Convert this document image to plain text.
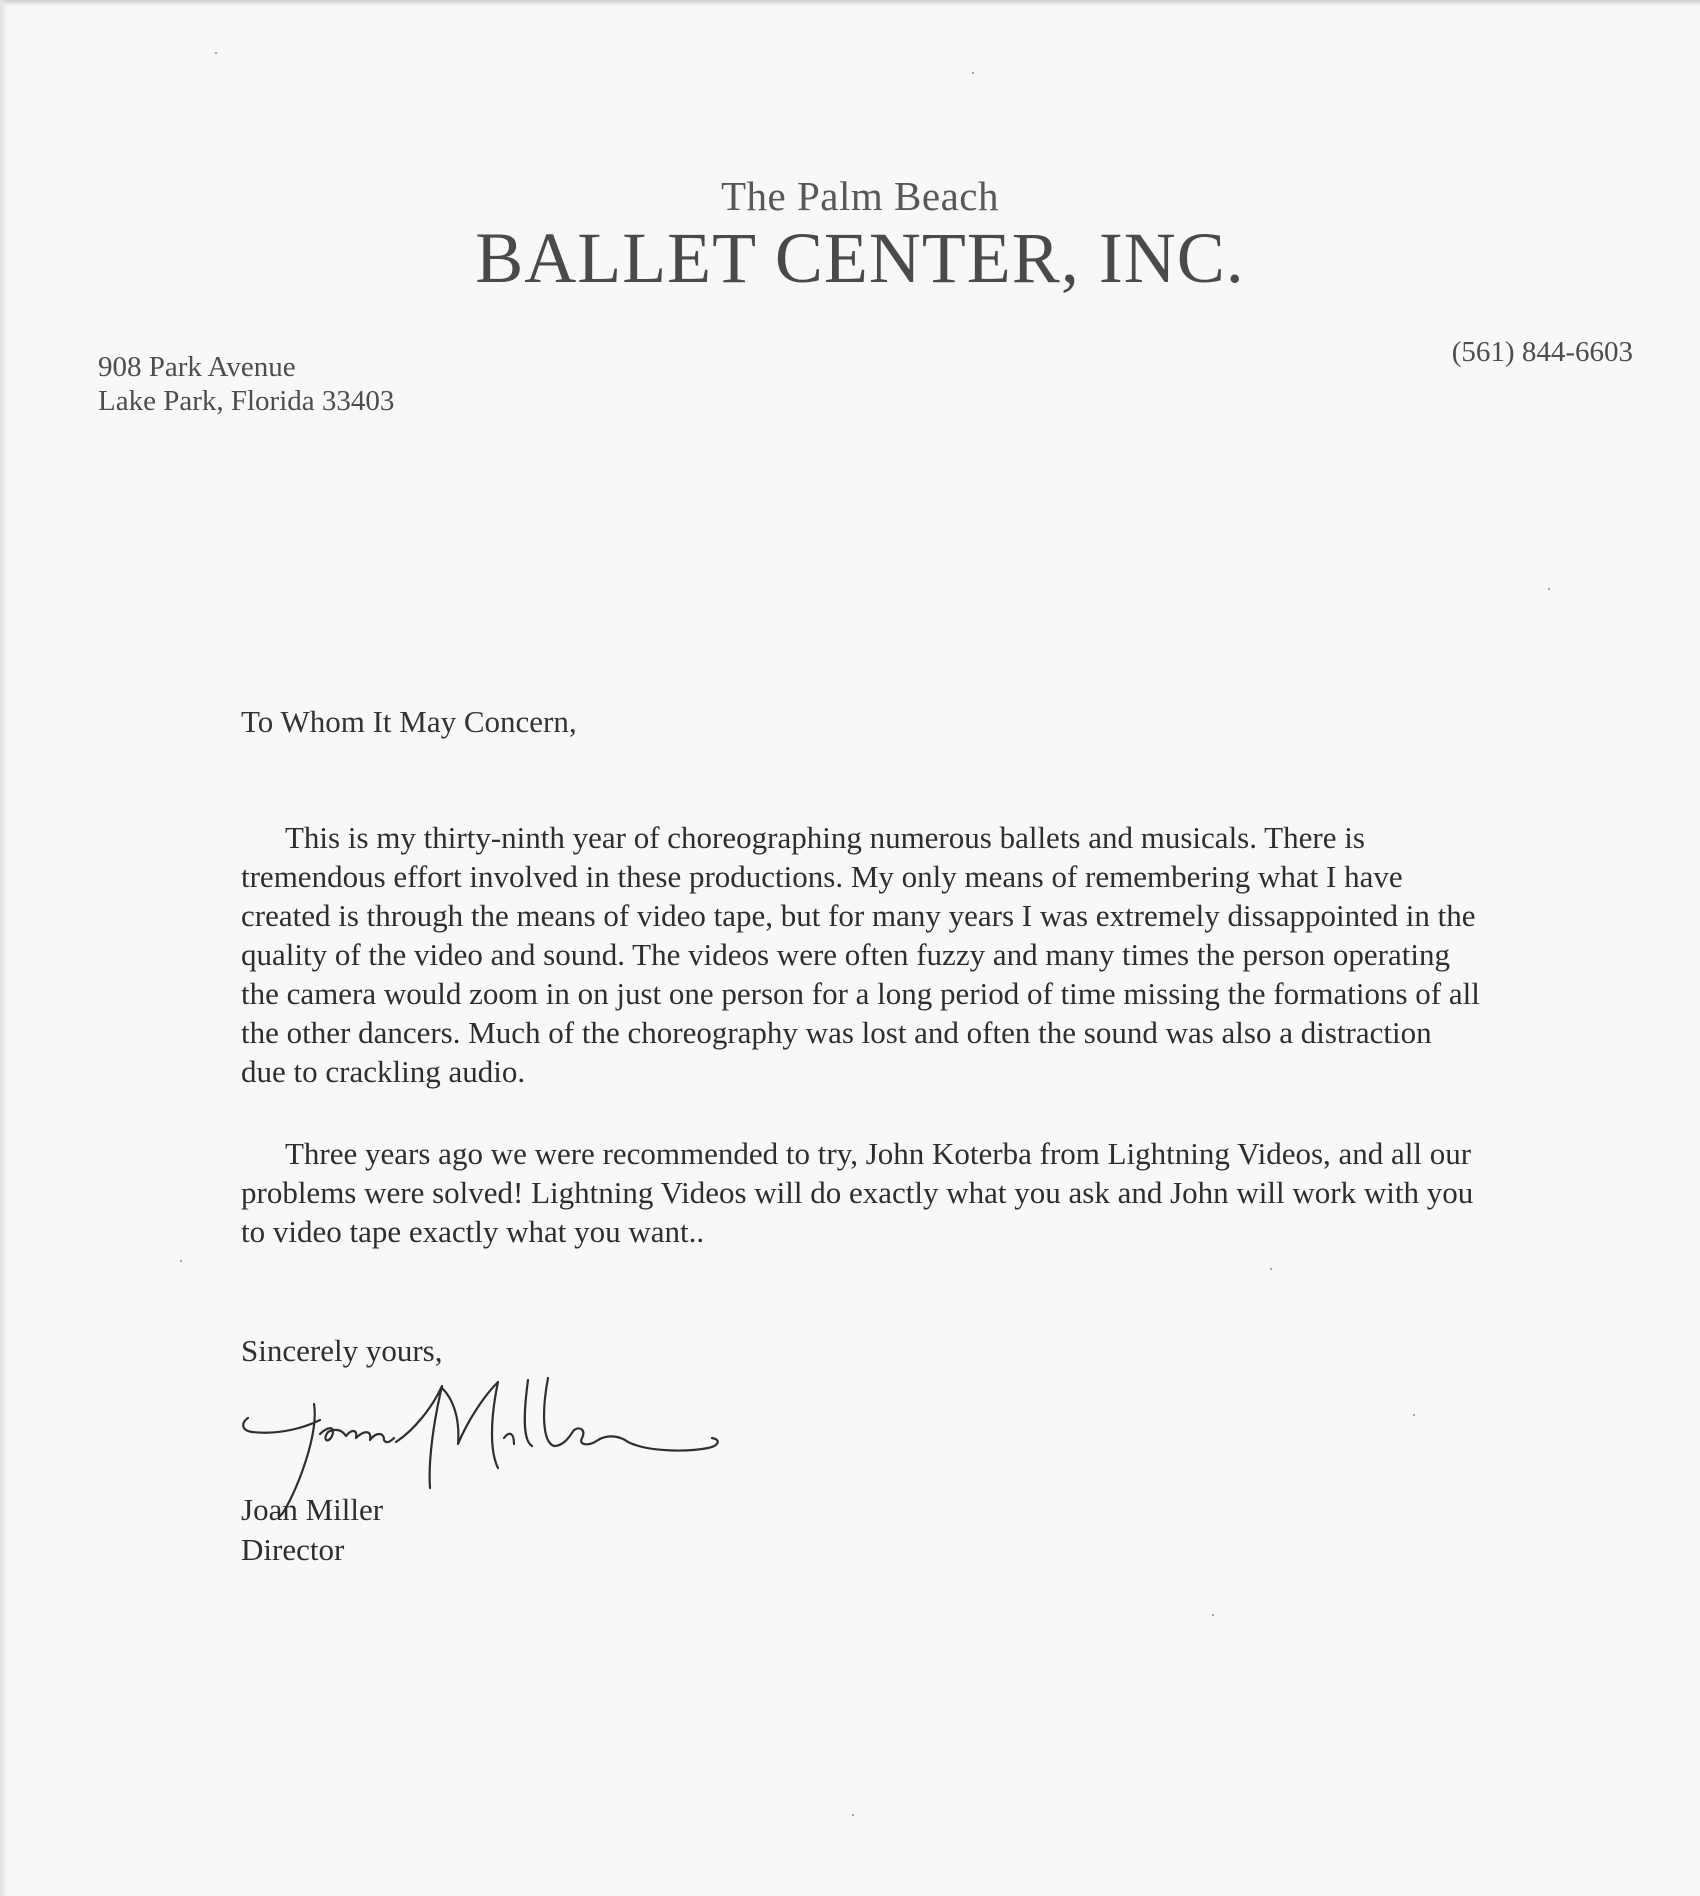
The Palm Beach
BALLET CENTER, INC.
908 Park Avenue
Lake Park, Florida 33403
(561) 844-6603
To Whom It May Concern,

This is my thirty-ninth year of choreographing numerous ballets and musicals. There is tremendous effort involved in these productions. My only means of remembering what I have created is through the means of video tape, but for many years I was extremely dissappointed in the quality of the video and sound. The videos were often fuzzy and many times the person operating the camera would zoom in on just one person for a long period of time missing the formations of all the other dancers. Much of the choreography was lost and often the sound was also a distraction due to crackling audio.

Three years ago we were recommended to try, John Koterba from Lightning Videos, and all our problems were solved! Lightning Videos will do exactly what you ask and John will work with you to video tape exactly what you want..

Sincerely yours,
Joan Miller
Director
